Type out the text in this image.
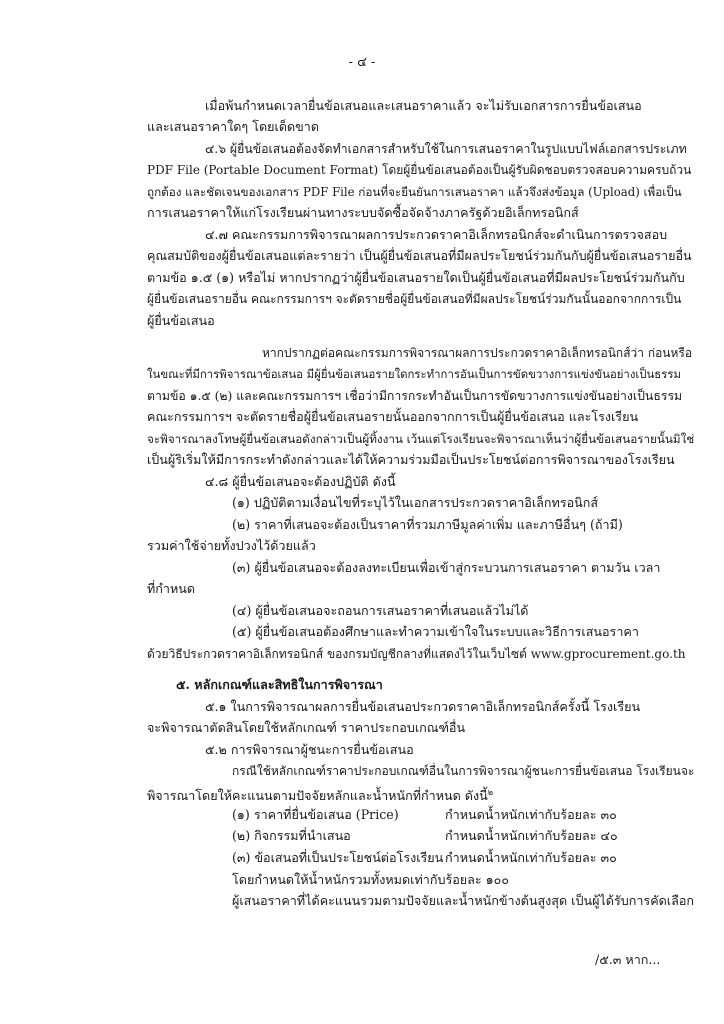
- ๔ -
เมื่อพ้นกำหนดเวลายื่นข้อเสนอและเสนอราคาแล้ว จะไม่รับเอกสารการยื่นข้อเสนอ
และเสนอราคาใดๆ โดยเด็ดขาด
๔.๖ ผู้ยื่นข้อเสนอต้องจัดทำเอกสารสำหรับใช้ในการเสนอราคาในรูปแบบไฟล์เอกสารประเภท
PDF File (Portable Document Format) โดยผู้ยื่นข้อเสนอต้องเป็นผู้รับผิดชอบตรวจสอบความครบถ้วน
ถูกต้อง และชัดเจนของเอกสาร PDF File ก่อนที่จะยืนยันการเสนอราคา แล้วจึงส่งข้อมูล (Upload) เพื่อเป็น
การเสนอราคาให้แก่โรงเรียนผ่านทางระบบจัดซื้อจัดจ้างภาครัฐด้วยอิเล็กทรอนิกส์
๔.๗ คณะกรรมการพิจารณาผลการประกวดราคาอิเล็กทรอนิกส์จะดำเนินการตรวจสอบ
คุณสมบัติของผู้ยื่นข้อเสนอแต่ละรายว่า เป็นผู้ยื่นข้อเสนอที่มีผลประโยชน์ร่วมกันกับผู้ยื่นข้อเสนอรายอื่น
ตามข้อ ๑.๕ (๑) หรือไม่ หากปรากฏว่าผู้ยื่นข้อเสนอรายใดเป็นผู้ยื่นข้อเสนอที่มีผลประโยชน์ร่วมกันกับ
ผู้ยื่นข้อเสนอรายอื่น คณะกรรมการฯ จะตัดรายชื่อผู้ยื่นข้อเสนอที่มีผลประโยชน์ร่วมกันนั้นออกจากการเป็น
ผู้ยื่นข้อเสนอ
หากปรากฏต่อคณะกรรมการพิจารณาผลการประกวดราคาอิเล็กทรอนิกส์ว่า ก่อนหรือ
ในขณะที่มีการพิจารณาข้อเสนอ มีผู้ยื่นข้อเสนอรายใดกระทำการอันเป็นการขัดขวางการแข่งขันอย่างเป็นธรรม
ตามข้อ ๑.๕ (๒) และคณะกรรมการฯ เชื่อว่ามีการกระทำอันเป็นการขัดขวางการแข่งขันอย่างเป็นธรรม
คณะกรรมการฯ จะตัดรายชื่อผู้ยื่นข้อเสนอรายนั้นออกจากการเป็นผู้ยื่นข้อเสนอ และโรงเรียน
จะพิจารณาลงโทษผู้ยื่นข้อเสนอดังกล่าวเป็นผู้ทิ้งงาน เว้นแต่โรงเรียนจะพิจารณาเห็นว่าผู้ยื่นข้อเสนอรายนั้นมิใช่
เป็นผู้ริเริ่มให้มีการกระทำดังกล่าวและได้ให้ความร่วมมือเป็นประโยชน์ต่อการพิจารณาของโรงเรียน
๔.๘ ผู้ยื่นข้อเสนอจะต้องปฏิบัติ ดังนี้
(๑) ปฏิบัติตามเงื่อนไขที่ระบุไว้ในเอกสารประกวดราคาอิเล็กทรอนิกส์
(๒) ราคาที่เสนอจะต้องเป็นราคาที่รวมภาษีมูลค่าเพิ่ม และภาษีอื่นๆ (ถ้ามี)
รวมค่าใช้จ่ายทั้งปวงไว้ด้วยแล้ว
(๓) ผู้ยื่นข้อเสนอจะต้องลงทะเบียนเพื่อเข้าสู่กระบวนการเสนอราคา ตามวัน เวลา
ที่กำหนด
(๔) ผู้ยื่นข้อเสนอจะถอนการเสนอราคาที่เสนอแล้วไม่ได้
(๕) ผู้ยื่นข้อเสนอต้องศึกษาและทำความเข้าใจในระบบและวิธีการเสนอราคา
ด้วยวิธีประกวดราคาอิเล็กทรอนิกส์ ของกรมบัญชีกลางที่แสดงไว้ในเว็บไซต์ www.gprocurement.go.th
๕. หลักเกณฑ์และสิทธิในการพิจารณา
๕.๑ ในการพิจารณาผลการยื่นข้อเสนอประกวดราคาอิเล็กทรอนิกส์ครั้งนี้ โรงเรียน
จะพิจารณาตัดสินโดยใช้หลักเกณฑ์ ราคาประกอบเกณฑ์อื่น
๕.๒ การพิจารณาผู้ชนะการยื่นข้อเสนอ
กรณีใช้หลักเกณฑ์ราคาประกอบเกณฑ์อื่นในการพิจารณาผู้ชนะการยื่นข้อเสนอ โรงเรียนจะ
พิจารณาโดยให้คะแนนตามปัจจัยหลักและน้ำหนักที่กำหนด ดังนี้$^๒$
(๑) ราคาที่ยื่นข้อเสนอ (Price)	กำหนดน้ำหนักเท่ากับร้อยละ ๓๐
(๒) กิจกรรมที่นำเสนอ	กำหนดน้ำหนักเท่ากับร้อยละ ๔๐
(๓) ข้อเสนอที่เป็นประโยชน์ต่อโรงเรียน กำหนดน้ำหนักเท่ากับร้อยละ ๓๐
โดยกำหนดให้น้ำหนักรวมทั้งหมดเท่ากับร้อยละ ๑๐๐
ผู้เสนอราคาที่ได้คะแนนรวมตามปัจจัยและน้ำหนักข้างต้นสูงสุด เป็นผู้ได้รับการคัดเลือก
/๕.๓ หาก...
